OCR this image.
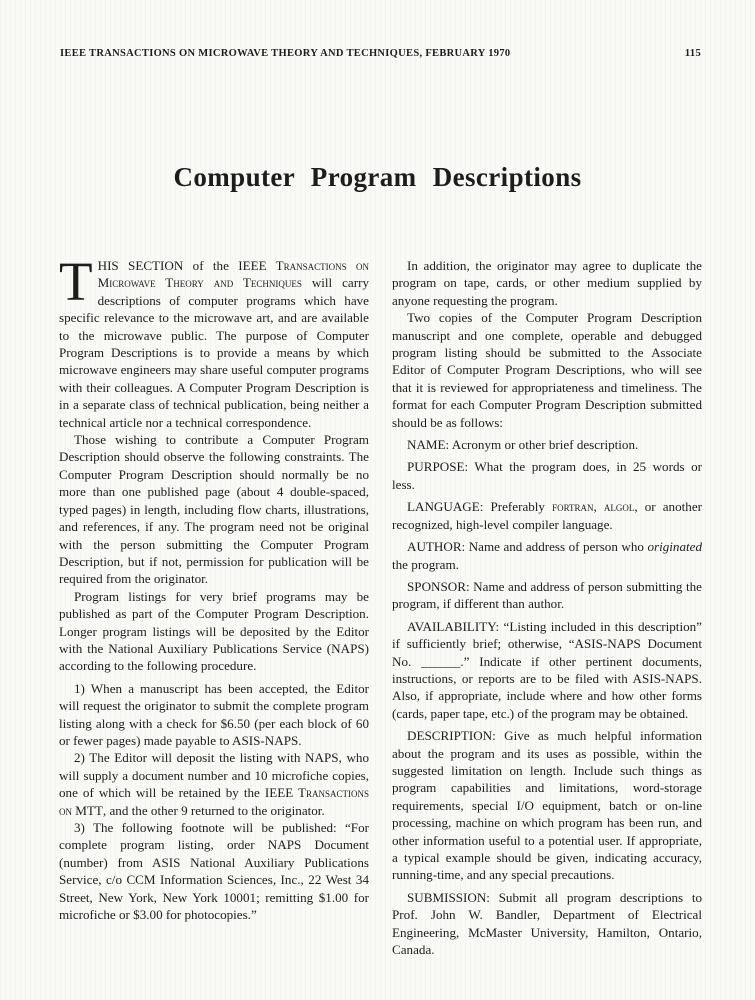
IEEE TRANSACTIONS ON MICROWAVE THEORY AND TECHNIQUES, FEBRUARY 1970	115
Computer Program Descriptions

THIS SECTION of the IEEE Transactions on Microwave Theory and Techniques will carry descriptions of computer programs which have specific relevance to the microwave art, and are available to the microwave public. The purpose of Computer Program Descriptions is to provide a means by which microwave engineers may share useful computer programs with their colleagues. A Computer Program Description is in a separate class of technical publication, being neither a technical article nor a technical correspondence.

Those wishing to contribute a Computer Program Description should observe the following constraints. The Computer Program Description should normally be no more than one published page (about 4 double-spaced, typed pages) in length, including flow charts, illustrations, and references, if any. The program need not be original with the person submitting the Computer Program Description, but if not, permission for publication will be required from the originator.

Program listings for very brief programs may be published as part of the Computer Program Description. Longer program listings will be deposited by the Editor with the National Auxiliary Publications Service (NAPS) according to the following procedure.

1) When a manuscript has been accepted, the Editor will request the originator to submit the complete program listing along with a check for $6.50 (per each block of 60 or fewer pages) made payable to ASIS-NAPS.

2) The Editor will deposit the listing with NAPS, who will supply a document number and 10 microfiche copies, one of which will be retained by the IEEE Transactions on MTT, and the other 9 returned to the originator.

3) The following footnote will be published: “For complete program listing, order NAPS Document (number) from ASIS National Auxiliary Publications Service, c/o CCM Information Sciences, Inc., 22 West 34 Street, New York, New York 10001; remitting $1.00 for microfiche or $3.00 for photocopies.”

In addition, the originator may agree to duplicate the program on tape, cards, or other medium supplied by anyone requesting the program.

Two copies of the Computer Program Description manuscript and one complete, operable and debugged program listing should be submitted to the Associate Editor of Computer Program Descriptions, who will see that it is reviewed for appropriateness and timeliness. The format for each Computer Program Description submitted should be as follows:

NAME: Acronym or other brief description.

PURPOSE: What the program does, in 25 words or less.

LANGUAGE: Preferably fortran, algol, or another recognized, high-level compiler language.

AUTHOR: Name and address of person who originated the program.

SPONSOR: Name and address of person submitting the program, if different than author.

AVAILABILITY: “Listing included in this description” if sufficiently brief; otherwise, “ASIS-NAPS Document No. ______.” Indicate if other pertinent documents, instructions, or reports are to be filed with ASIS-NAPS. Also, if appropriate, include where and how other forms (cards, paper tape, etc.) of the program may be obtained.

DESCRIPTION: Give as much helpful information about the program and its uses as possible, within the suggested limitation on length. Include such things as program capabilities and limitations, word-storage requirements, special I/O equipment, batch or on-line processing, machine on which program has been run, and other information useful to a potential user. If appropriate, a typical example should be given, indicating accuracy, running-time, and any special precautions.

SUBMISSION: Submit all program descriptions to Prof. John W. Bandler, Department of Electrical Engineering, McMaster University, Hamilton, Ontario, Canada.
